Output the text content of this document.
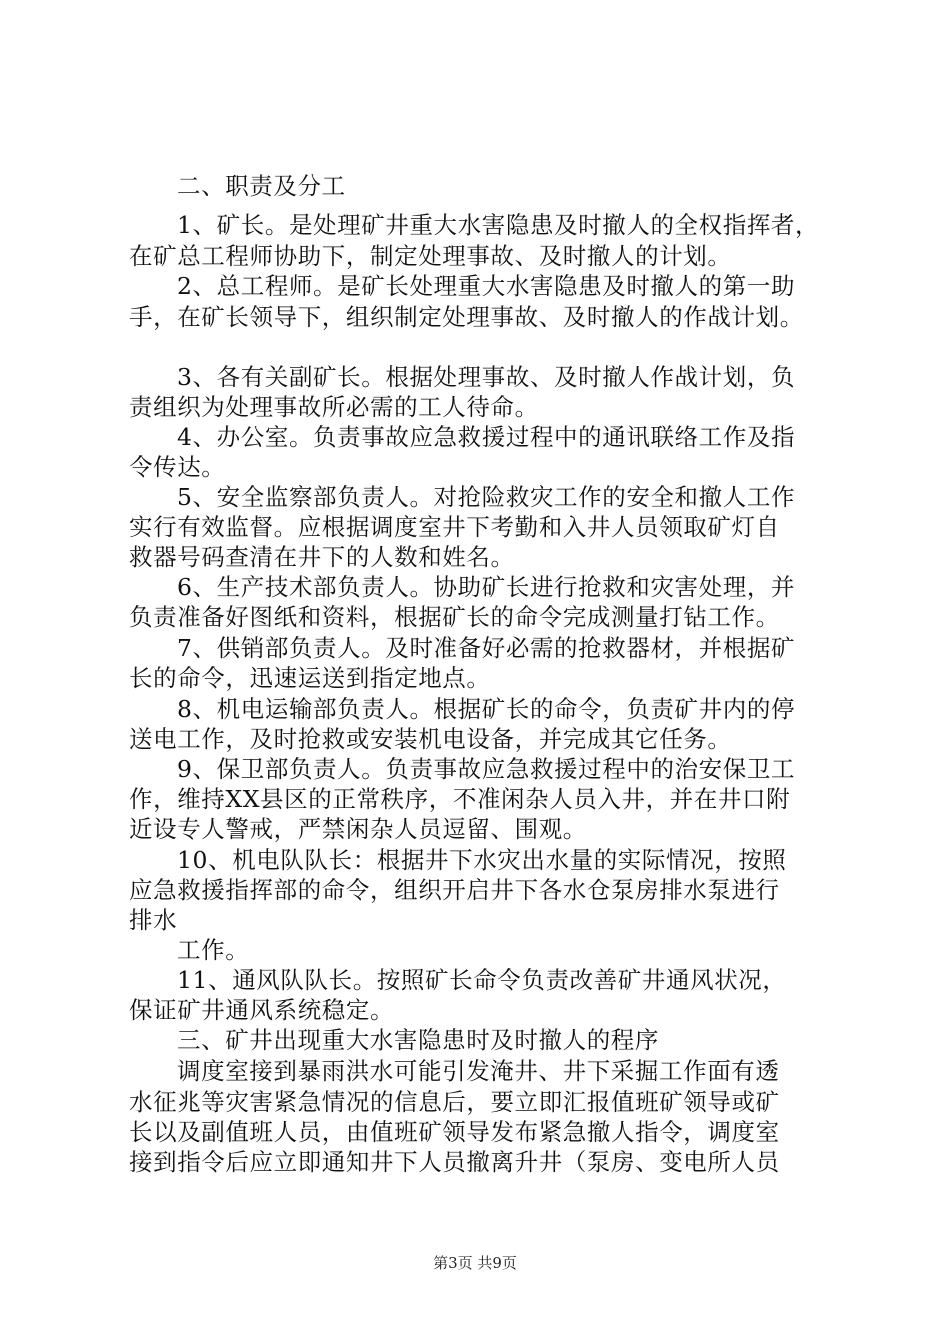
二、职责及分工
1、矿长。是处理矿井重大水害隐患及时撤人的全权指挥者，
在矿总工程师协助下，制定处理事故、及时撤人的计划。
2、总工程师。是矿长处理重大水害隐患及时撤人的第一助
手，在矿长领导下，组织制定处理事故、及时撤人的作战计划。
3、各有关副矿长。根据处理事故、及时撤人作战计划，负
责组织为处理事故所必需的工人待命。
4、办公室。负责事故应急救援过程中的通讯联络工作及指
令传达。
5、安全监察部负责人。对抢险救灾工作的安全和撤人工作
实行有效监督。应根据调度室井下考勤和入井人员领取矿灯自
救器号码查清在井下的人数和姓名。
6、生产技术部负责人。协助矿长进行抢救和灾害处理，并
负责准备好图纸和资料，根据矿长的命令完成测量打钻工作。
7、供销部负责人。及时准备好必需的抢救器材，并根据矿
长的命令，迅速运送到指定地点。
8、机电运输部负责人。根据矿长的命令，负责矿井内的停
送电工作，及时抢救或安装机电设备，并完成其它任务。
9、保卫部负责人。负责事故应急救援过程中的治安保卫工
作，维持XX县区的正常秩序，不准闲杂人员入井，并在井口附
近设专人警戒，严禁闲杂人员逗留、围观。
10、机电队队长：根据井下水灾出水量的实际情况，按照
应急救援指挥部的命令，组织开启井下各水仓泵房排水泵进行
排水
工作。
11、通风队队长。按照矿长命令负责改善矿井通风状况，
保证矿井通风系统稳定。
三、矿井出现重大水害隐患时及时撤人的程序
调度室接到暴雨洪水可能引发淹井、井下采掘工作面有透
水征兆等灾害紧急情况的信息后，要立即汇报值班矿领导或矿
长以及副值班人员，由值班矿领导发布紧急撤人指令，调度室
接到指令后应立即通知井下人员撤离升井（泵房、变电所人员
第3页 共9页
